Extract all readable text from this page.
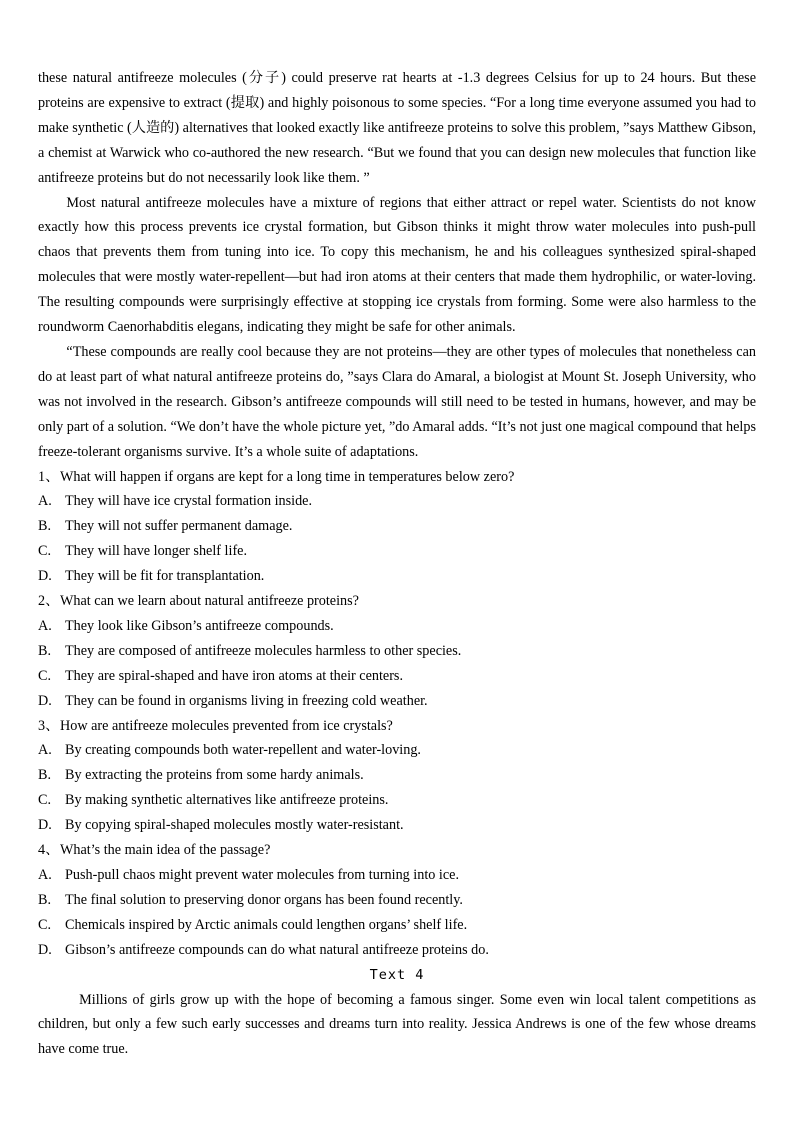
these natural antifreeze molecules (分子) could preserve rat hearts at -1.3 degrees Celsius for up to 24 hours. But these proteins are expensive to extract (提取) and highly poisonous to some species. “For a long time everyone assumed you had to make synthetic (人造的) alternatives that looked exactly like antifreeze proteins to solve this problem, ”says Matthew Gibson, a chemist at Warwick who co-authored the new research. “But we found that you can design new molecules that function like antifreeze proteins but do not necessarily look like them. ”

Most natural antifreeze molecules have a mixture of regions that either attract or repel water. Scientists do not know exactly how this process prevents ice crystal formation, but Gibson thinks it might throw water molecules into push-pull chaos that prevents them from tuning into ice. To copy this mechanism, he and his colleagues synthesized spiral-shaped molecules that were mostly water-repellent—but had iron atoms at their centers that made them hydrophilic, or water-loving. The resulting compounds were surprisingly effective at stopping ice crystals from forming. Some were also harmless to the roundworm Caenorhabditis elegans, indicating they might be safe for other animals.

“These compounds are really cool because they are not proteins—they are other types of molecules that nonetheless can do at least part of what natural antifreeze proteins do, ”says Clara do Amaral, a biologist at Mount St. Joseph University, who was not involved in the research. Gibson’s antifreeze compounds will still need to be tested in humans, however, and may be only part of a solution. “We don’t have the whole picture yet, ”do Amaral adds. “It’s not just one magical compound that helps freeze-tolerant organisms survive. It’s a whole suite of adaptations.

1、What will happen if organs are kept for a long time in temperatures below zero?

A. They will have ice crystal formation inside.

B. They will not suffer permanent damage.

C. They will have longer shelf life.

D. They will be fit for transplantation.

2、What can we learn about natural antifreeze proteins?

A. They look like Gibson’s antifreeze compounds.

B. They are composed of antifreeze molecules harmless to other species.

C. They are spiral-shaped and have iron atoms at their centers.

D. They can be found in organisms living in freezing cold weather.

3、How are antifreeze molecules prevented from ice crystals?

A. By creating compounds both water-repellent and water-loving.

B. By extracting the proteins from some hardy animals.

C. By making synthetic alternatives like antifreeze proteins.

D. By copying spiral-shaped molecules mostly water-resistant.

4、What’s the main idea of the passage?

A. Push-pull chaos might prevent water molecules from turning into ice.

B. The final solution to preserving donor organs has been found recently.

C. Chemicals inspired by Arctic animals could lengthen organs’ shelf life.

D. Gibson’s antifreeze compounds can do what natural antifreeze proteins do.

Text 4

Millions of girls grow up with the hope of becoming a famous singer. Some even win local talent competitions as children, but only a few such early successes and dreams turn into reality. Jessica Andrews is one of the few whose dreams have come true.
